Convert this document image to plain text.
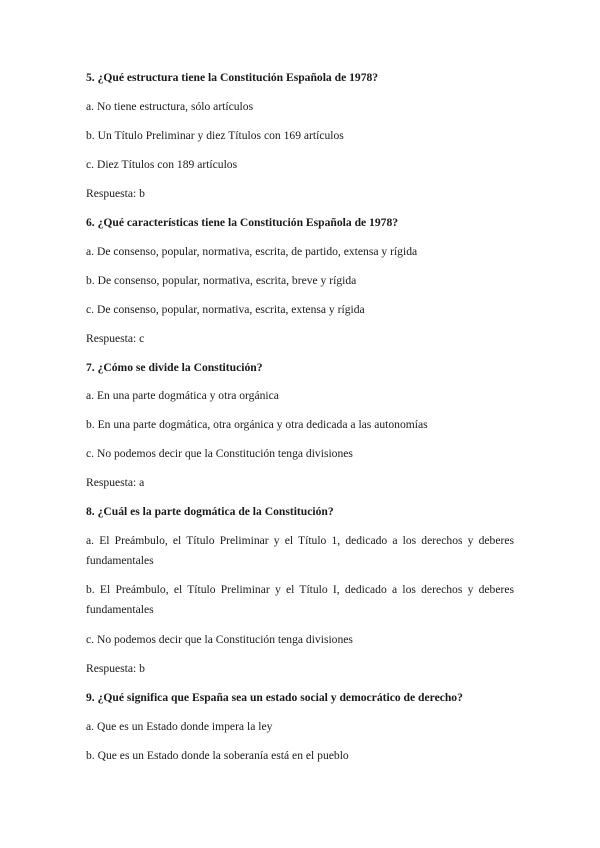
5. ¿Qué estructura tiene la Constitución Española de 1978?
a. No tiene estructura, sólo artículos
b. Un Título Preliminar y diez Títulos con 169 artículos
c. Diez Títulos con 189 artículos
Respuesta: b
6. ¿Qué características tiene la Constitución Española de 1978?
a. De consenso, popular, normativa, escrita, de partido, extensa y rígida
b. De consenso, popular, normativa, escrita, breve y rígida
c. De consenso, popular, normativa, escrita, extensa y rígida
Respuesta: c
7. ¿Cómo se divide la Constitución?
a. En una parte dogmática y otra orgánica
b. En una parte dogmática, otra orgánica y otra dedicada a las autonomías
c. No podemos decir que la Constitución tenga divisiones
Respuesta: a
8. ¿Cuál es la parte dogmática de la Constitución?
a. El Preámbulo, el Título Preliminar y el Título 1, dedicado a los derechos y deberes fundamentales
b. El Preámbulo, el Título Preliminar y el Título I, dedicado a los derechos y deberes fundamentales
c. No podemos decir que la Constitución tenga divisiones
Respuesta: b
9. ¿Qué significa que España sea un estado social y democrático de derecho?
a. Que es un Estado donde impera la ley
b. Que es un Estado donde la soberanía está en el pueblo
